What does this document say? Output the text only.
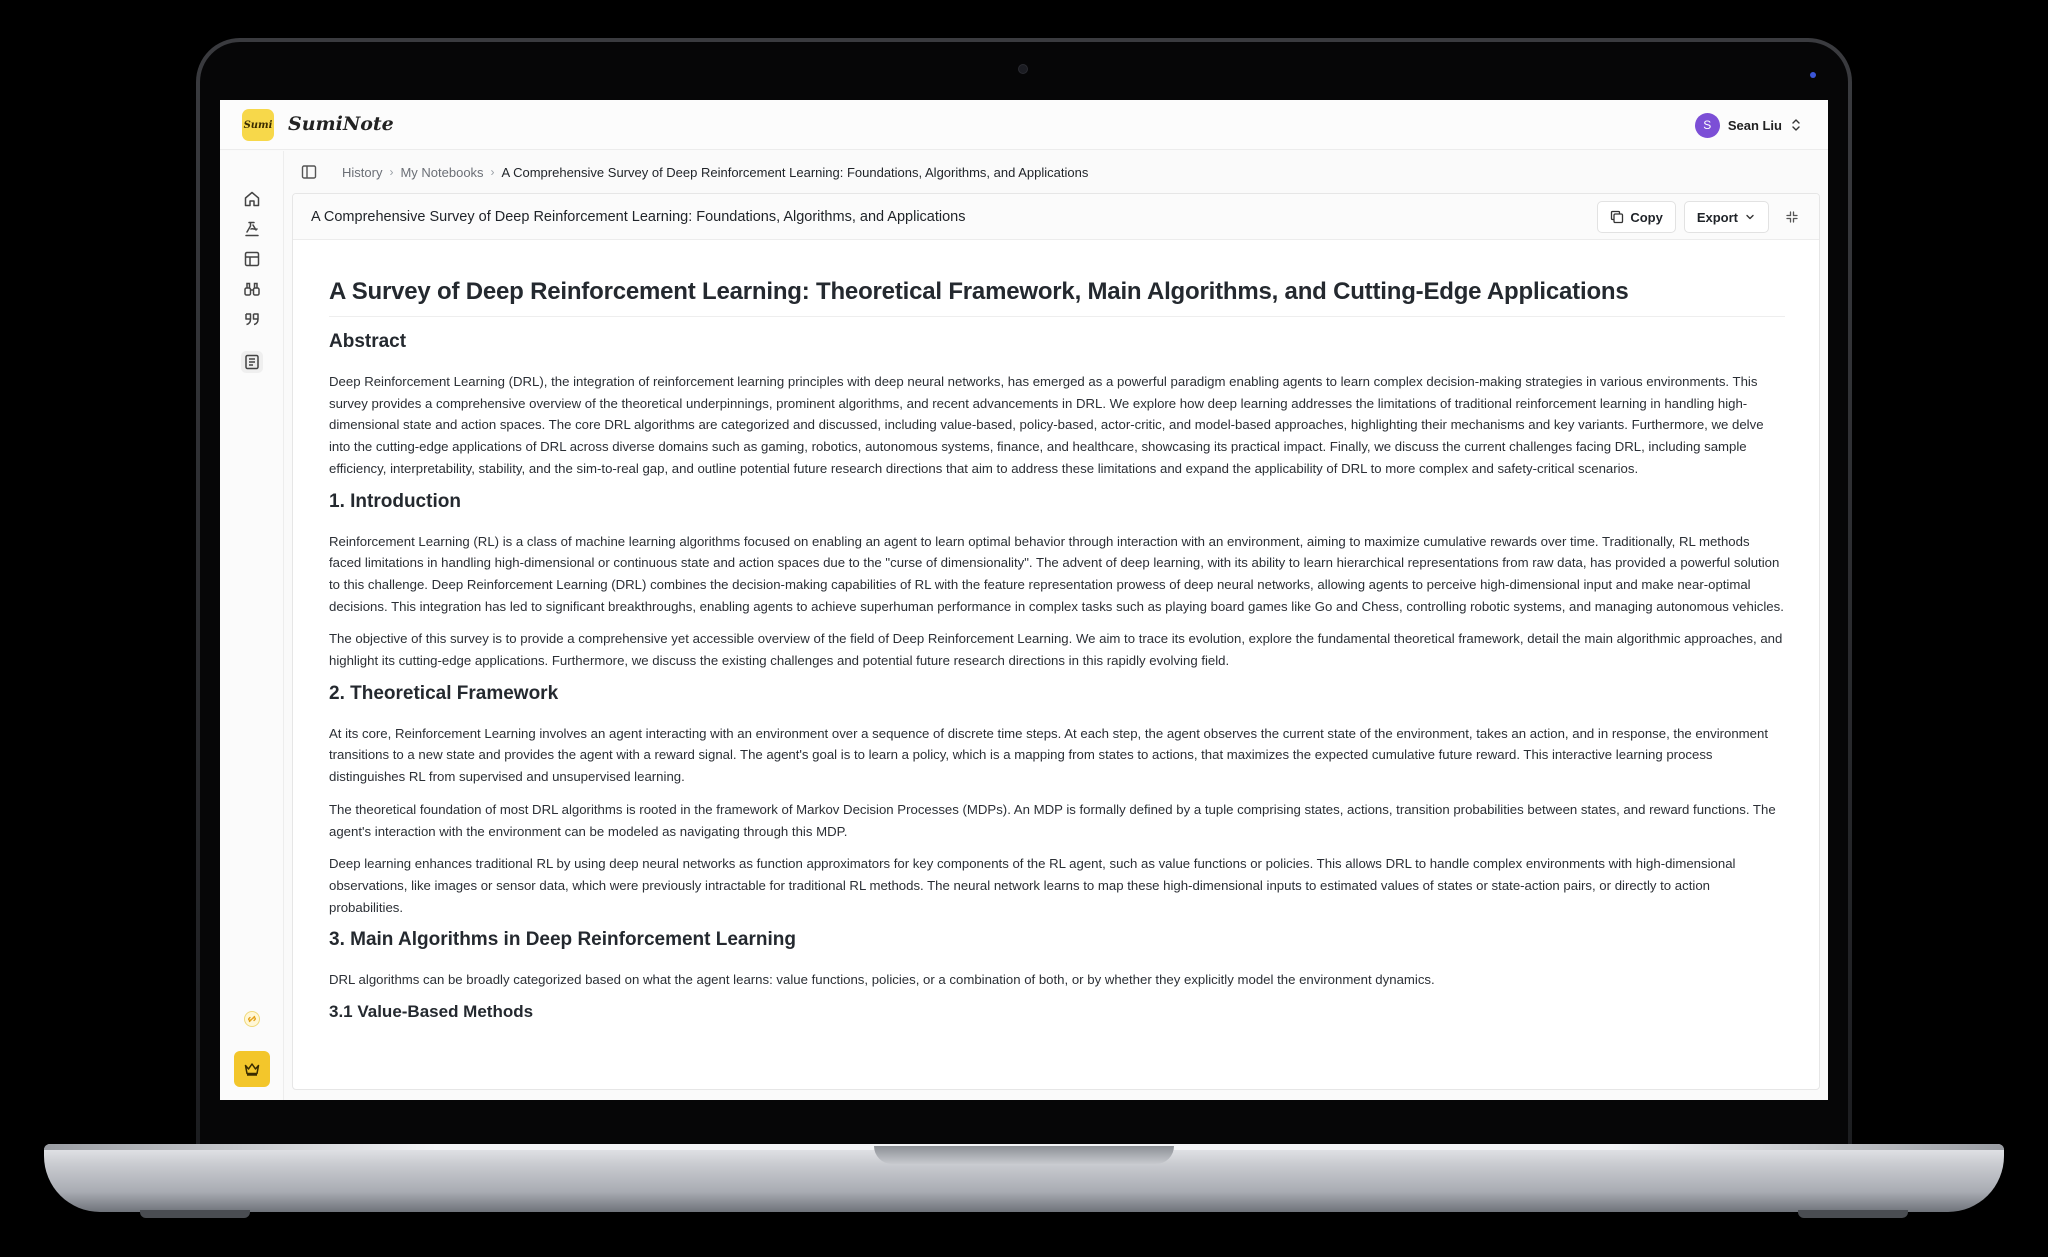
Sumi SumiNote	S	Sean Liu
History › My Notebooks › A Comprehensive Survey of Deep Reinforcement Learning: Foundations, Algorithms, and Applications
A Comprehensive Survey of Deep Reinforcement Learning: Foundations, Algorithms, and Applications	Copy	Export
A Survey of Deep Reinforcement Learning: Theoretical Framework, Main Algorithms, and Cutting-Edge Applications
Abstract

Deep Reinforcement Learning (DRL), the integration of reinforcement learning principles with deep neural networks, has emerged as a powerful paradigm enabling agents to learn complex decision-making strategies in various environments. This survey provides a comprehensive overview of the theoretical underpinnings, prominent algorithms, and recent advancements in DRL. We explore how deep learning addresses the limitations of traditional reinforcement learning in handling high-dimensional state and action spaces. The core DRL algorithms are categorized and discussed, including value-based, policy-based, actor-critic, and model-based approaches, highlighting their mechanisms and key variants. Furthermore, we delve into the cutting-edge applications of DRL across diverse domains such as gaming, robotics, autonomous systems, finance, and healthcare, showcasing its practical impact. Finally, we discuss the current challenges facing DRL, including sample efficiency, interpretability, stability, and the sim-to-real gap, and outline potential future research directions that aim to address these limitations and expand the applicability of DRL to more complex and safety-critical scenarios.

1. Introduction

Reinforcement Learning (RL) is a class of machine learning algorithms focused on enabling an agent to learn optimal behavior through interaction with an environment, aiming to maximize cumulative rewards over time. Traditionally, RL methods faced limitations in handling high-dimensional or continuous state and action spaces due to the "curse of dimensionality". The advent of deep learning, with its ability to learn hierarchical representations from raw data, has provided a powerful solution to this challenge. Deep Reinforcement Learning (DRL) combines the decision-making capabilities of RL with the feature representation prowess of deep neural networks, allowing agents to perceive high-dimensional input and make near-optimal decisions. This integration has led to significant breakthroughs, enabling agents to achieve superhuman performance in complex tasks such as playing board games like Go and Chess, controlling robotic systems, and managing autonomous vehicles.

The objective of this survey is to provide a comprehensive yet accessible overview of the field of Deep Reinforcement Learning. We aim to trace its evolution, explore the fundamental theoretical framework, detail the main algorithmic approaches, and highlight its cutting-edge applications. Furthermore, we discuss the existing challenges and potential future research directions in this rapidly evolving field.

2. Theoretical Framework

At its core, Reinforcement Learning involves an agent interacting with an environment over a sequence of discrete time steps. At each step, the agent observes the current state of the environment, takes an action, and in response, the environment transitions to a new state and provides the agent with a reward signal. The agent's goal is to learn a policy, which is a mapping from states to actions, that maximizes the expected cumulative future reward. This interactive learning process distinguishes RL from supervised and unsupervised learning.

The theoretical foundation of most DRL algorithms is rooted in the framework of Markov Decision Processes (MDPs). An MDP is formally defined by a tuple comprising states, actions, transition probabilities between states, and reward functions. The agent's interaction with the environment can be modeled as navigating through this MDP.

Deep learning enhances traditional RL by using deep neural networks as function approximators for key components of the RL agent, such as value functions or policies. This allows DRL to handle complex environments with high-dimensional observations, like images or sensor data, which were previously intractable for traditional RL methods. The neural network learns to map these high-dimensional inputs to estimated values of states or state-action pairs, or directly to action probabilities.

3. Main Algorithms in Deep Reinforcement Learning

DRL algorithms can be broadly categorized based on what the agent learns: value functions, policies, or a combination of both, or by whether they explicitly model the environment dynamics.

3.1 Value-Based Methods
